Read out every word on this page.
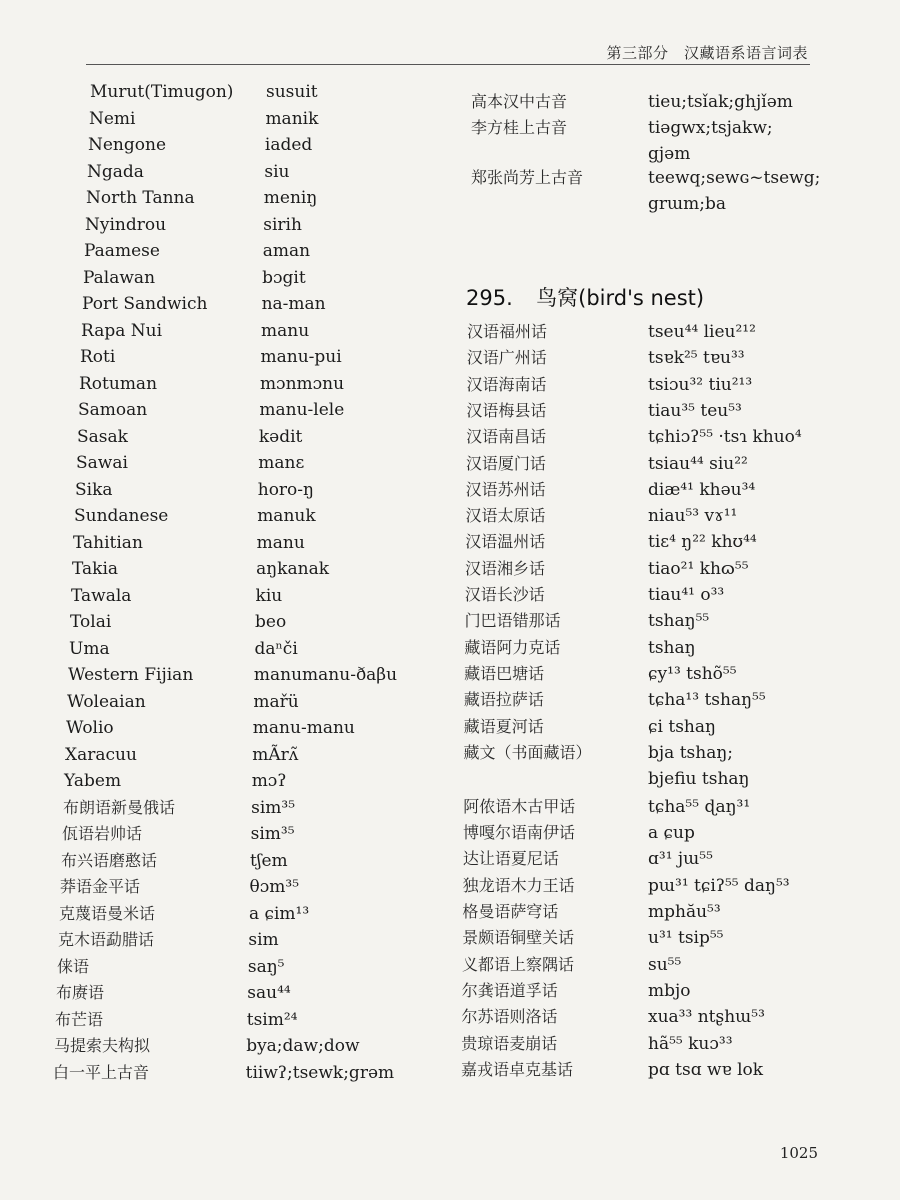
第三部分　汉藏语系语言词表
Murut(Timugon) susuit
Nemi	manik
Nengone	iaded
Ngada	siu
North Tanna	meniŋ
Nyindrou	sirih
Paamese	aman
Palawan	bɔgit
Port Sandwich	na-man
Rapa Nui	manu
Roti	manu-pui
Rotuman	mɔnmɔnu
Samoan	manu-lele
Sasak	kədit
Sawai	manɛ
Sika	horo-ŋ
Sundanese	manuk
Tahitian	manu
Takia	aŋkanak
Tawala	kiu
Tolai	beo
Uma	daⁿči
Western Fijian	manumanu-ðaβu
Woleaian	mařü
Wolio	manu-manu
Xaracuu	mÃrʌ̃
Yabem	mɔʔ
布朗语新曼俄话	sim³⁵
佤语岩帅话	sim³⁵
布兴语磨憨话	tʃem
莽语金平话	θɔm³⁵
克蔑语曼米话	a ɕim¹³
克木语勐腊话	sim
俫语	saŋ⁵
布赓语	sau⁴⁴
布芒语	tsim²⁴
马提索夫构拟	bya;daw;dow
白一平上古音	tiiwʔ;tsewk;grəm
高本汉中古音	tieu;tsǐak;ghjǐəm
李方桂上古音	tiəgwx;tsjakw;
gjəm
郑张尚芳上古音	teewq;sewɢ~tsewg;
grɯm;ba
295. 鸟窝(bird's nest)
汉语福州话	tseu⁴⁴ lieu²¹²
汉语广州话	tsɐk²⁵ tɐu³³
汉语海南话	tsiɔu³² tiu²¹³
汉语梅县话	tiau³⁵ teu⁵³
汉语南昌话	tɕhiɔʔ⁵⁵ ·tsɿ khuo⁴
汉语厦门话	tsiau⁴⁴ siu²²
汉语苏州话	diæ⁴¹ khəu³⁴
汉语太原话	niau⁵³ vɤ¹¹
汉语温州话	tiɛ⁴ ŋ²² khʊ⁴⁴
汉语湘乡话	tiao²¹ khɷ⁵⁵
汉语长沙话	tiau⁴¹ o³³
门巴语错那话	tshaŋ⁵⁵
藏语阿力克话	tshaŋ
藏语巴塘话	ɕy¹³ tshõ⁵⁵
藏语拉萨话	tɕha¹³ tshaŋ⁵⁵
藏语夏河话	ɕi tshaŋ
藏文（书面藏语）	bja tshaŋ;
bjefiu tshaŋ
阿侬语木古甲话	tɕha⁵⁵ ɖaŋ³¹
博嘎尔语南伊话	a ɕup
达让语夏尼话	ɑ³¹ jɯ⁵⁵
独龙语木力王话	pɯ³¹ tɕiʔ⁵⁵ daŋ⁵³
格曼语萨穹话	mphău⁵³
景颇语铜壁关话	u³¹ tsip⁵⁵
义都语上察隅话	su⁵⁵
尔龚语道孚话	mbjo
尔苏语则洛话	xua³³ ntʂhɯ⁵³
贵琼语麦崩话	hã⁵⁵ kuɔ³³
嘉戎语卓克基话	pɑ tsɑ wɐ lok
1025
